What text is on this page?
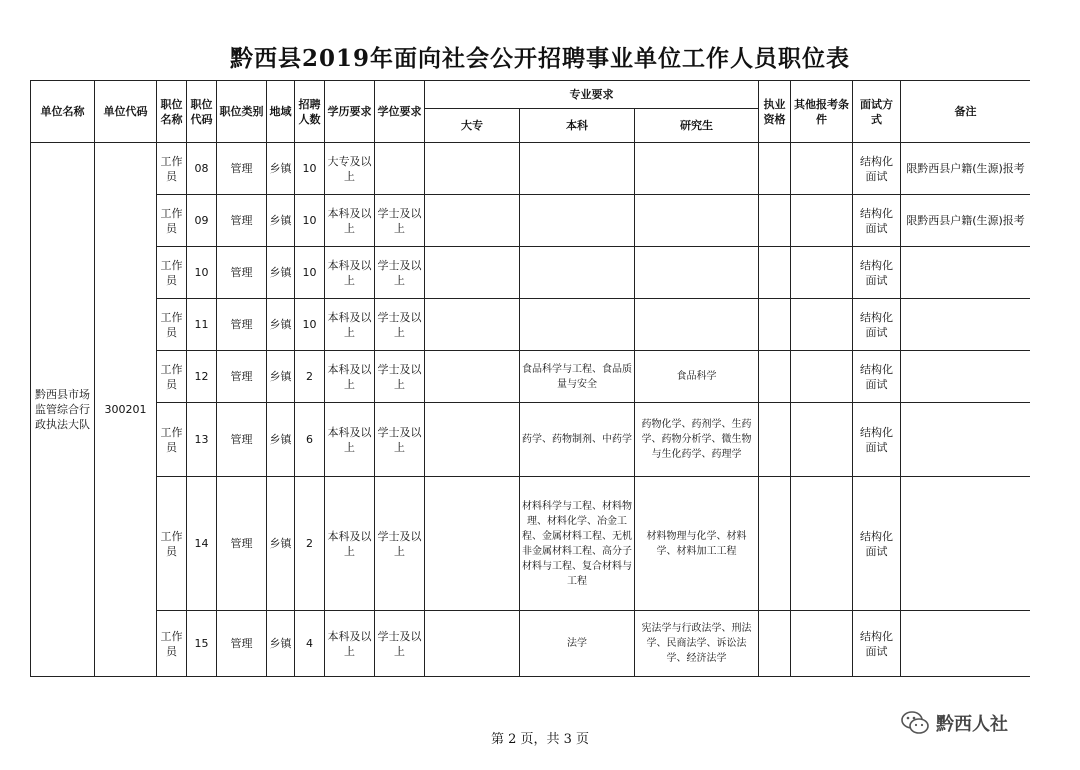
黔西县2019年面向社会公开招聘事业单位工作人员职位表
单位名称	单位代码	职位名称	职位代码	职位类别	地域	招聘人数	学历要求	学位要求	专业要求			执业资格	其他报考条件	面试方式	备注
									大专	本科	研究生				
黔西县市场监管综合行政执法大队	300201	工作员	08	管理	乡镇	10	大专及以上							结构化面试	限黔西县户籍(生源)报考
		工作员	09	管理	乡镇	10	本科及以上	学士及以上						结构化面试	限黔西县户籍(生源)报考
		工作员	10	管理	乡镇	10	本科及以上	学士及以上						结构化面试	
		工作员	11	管理	乡镇	10	本科及以上	学士及以上						结构化面试	
		工作员	12	管理	乡镇	2	本科及以上	学士及以上		食品科学与工程、食品质量与安全	食品科学			结构化面试	
		工作员	13	管理	乡镇	6	本科及以上	学士及以上		药学、药物制剂、中药学	药物化学、药剂学、生药学、药物分析学、微生物与生化药学、药理学			结构化面试	
		工作员	14	管理	乡镇	2	本科及以上	学士及以上		材料科学与工程、材料物理、材料化学、冶金工程、金属材料工程、无机非金属材料工程、高分子材料与工程、复合材料与工程	材料物理与化学、材料学、材料加工工程			结构化面试	
		工作员	15	管理	乡镇	4	本科及以上	学士及以上		法学	宪法学与行政法学、刑法学、民商法学、诉讼法学、经济法学			结构化面试	
第 2 页，共 3 页
黔西人社
